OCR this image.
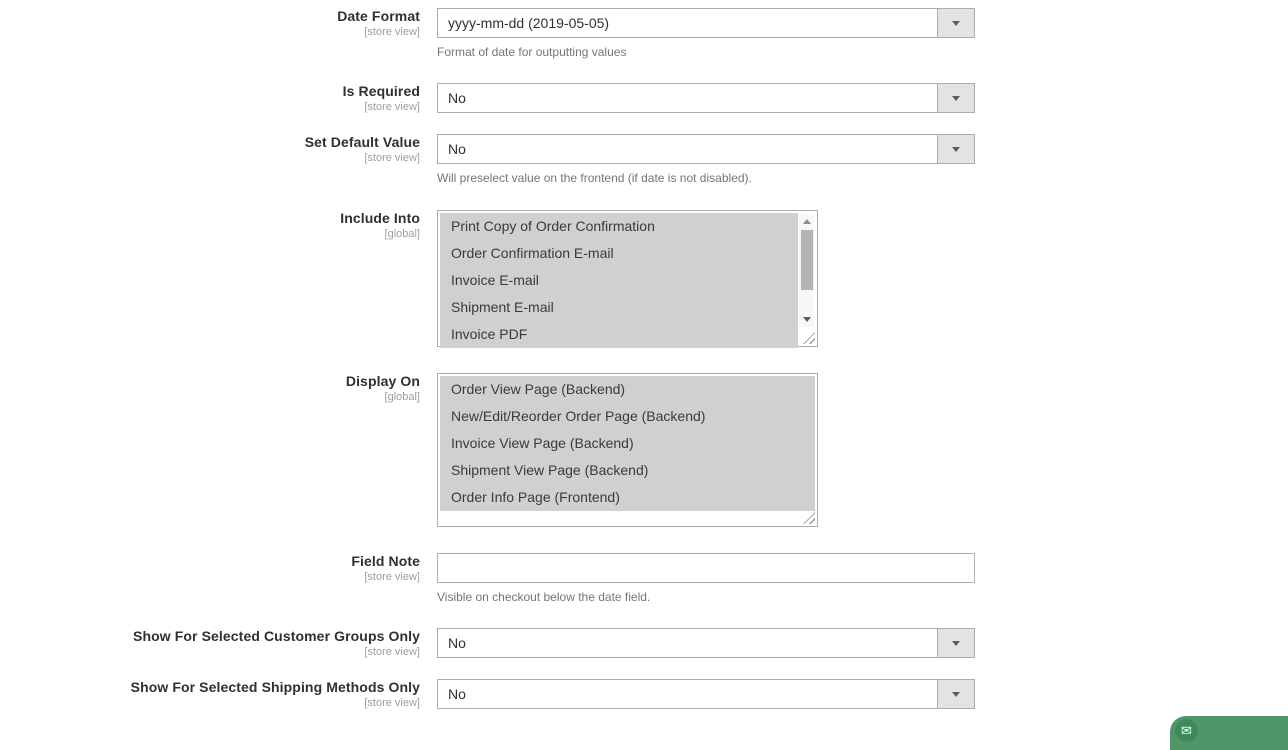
Date Format
[store view]
yyyy-mm-dd (2019-05-05)
Format of date for outputting values
Is Required
[store view]
No
Set Default Value
[store view]
No
Will preselect value on the frontend (if date is not disabled).
Include Into
[global]	Print Copy of Order Confirmation
Order Confirmation E-mail
Invoice E-mail
Shipment E-mail
Invoice PDF
Display On
[global]	Order View Page (Backend)
New/Edit/Reorder Order Page (Backend)
Invoice View Page (Backend)
Shipment View Page (Backend)
Order Info Page (Frontend)
Field Note
[store view]
Visible on checkout below the date field.
Show For Selected Customer Groups Only
[store view]
No
Show For Selected Shipping Methods Only
[store view]
No
✉
